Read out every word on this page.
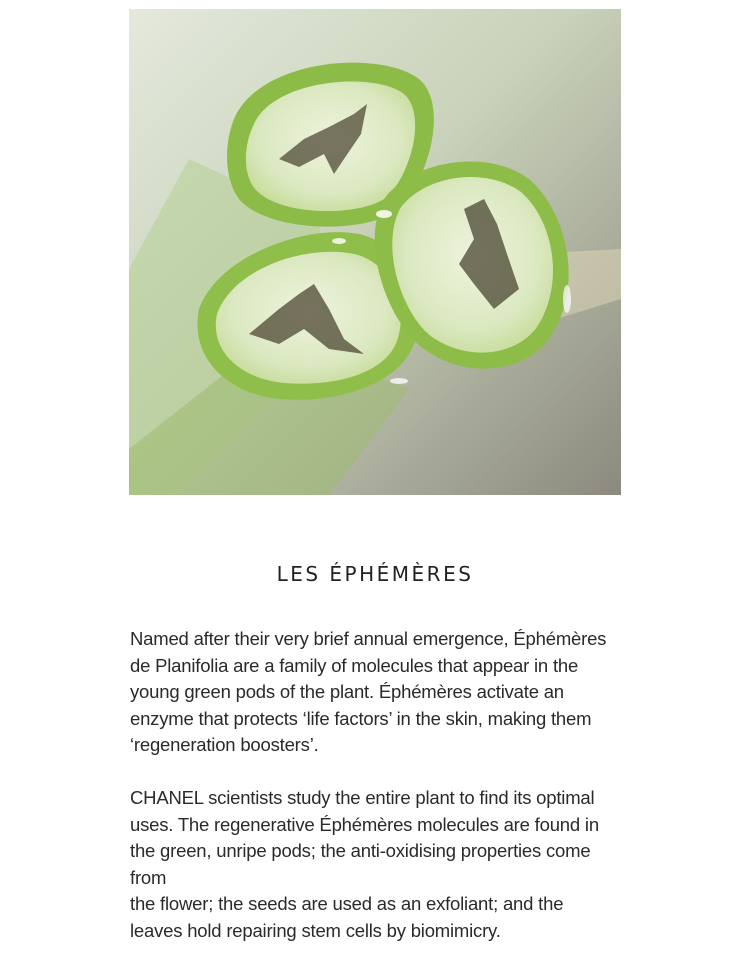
LES ÉPHÉMÈRES

Named after their very brief annual emergence, Éphémères
de Planifolia are a family of molecules that appear in the
young green pods of the plant. Éphémères activate an
enzyme that protects ‘life factors’ in the skin, making them
‘regeneration boosters’.

CHANEL scientists study the entire plant to find its optimal
uses. The regenerative Éphémères molecules are found in
the green, unripe pods; the anti-oxidising properties come
from
the flower; the seeds are used as an exfoliant; and the
leaves hold repairing stem cells by biomimicry.
